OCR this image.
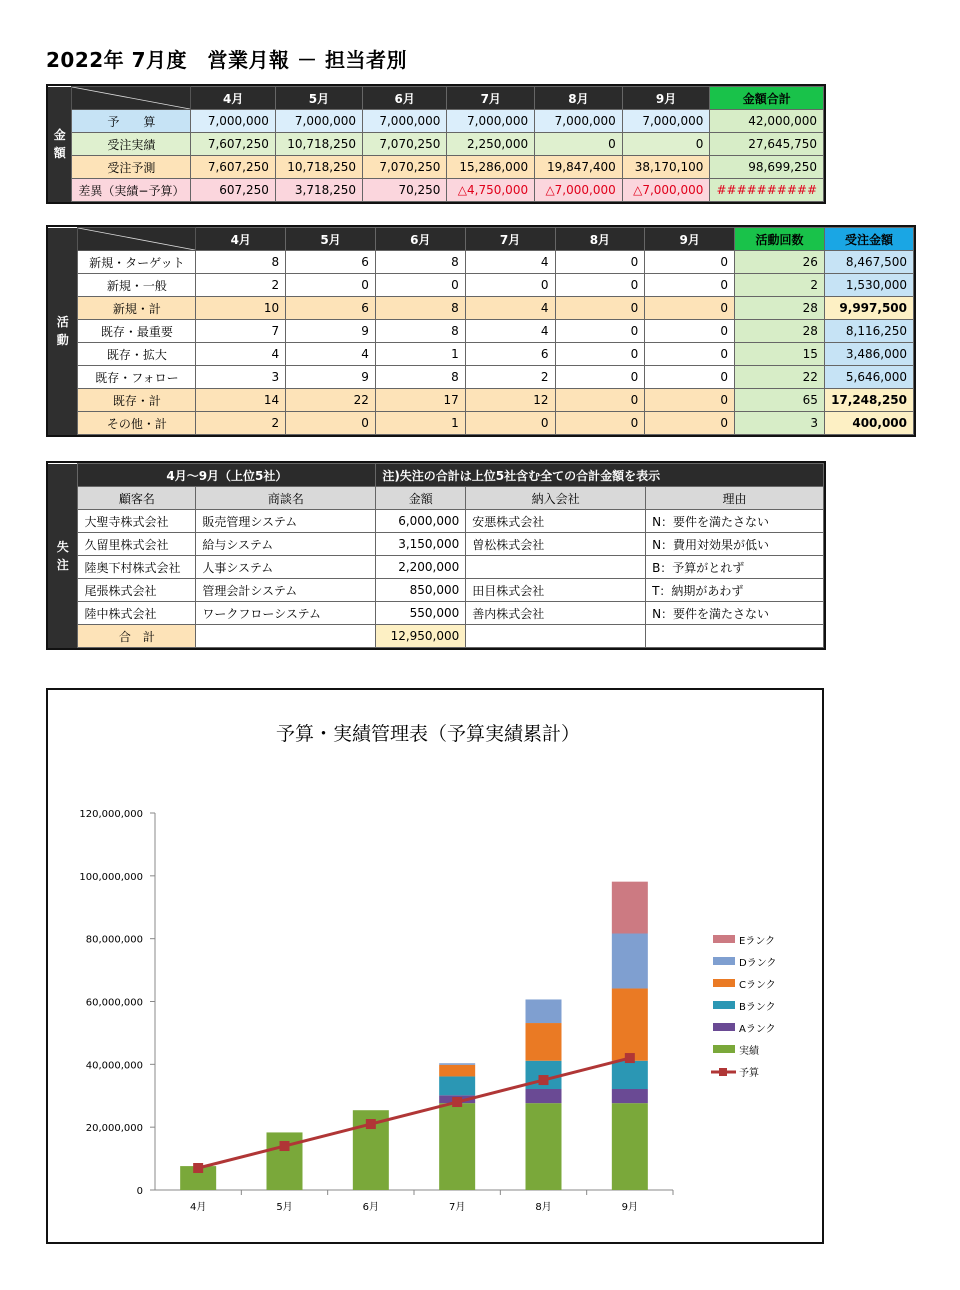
2022年 7月度　営業月報 － 担当者別
金
額		4月	5月	6月	7月	8月	9月	金額合計
	予　　算	7,000,000	7,000,000	7,000,000	7,000,000	7,000,000	7,000,000	42,000,000
	受注実績	7,607,250	10,718,250	7,070,250	2,250,000	0	0	27,645,750
	受注予測	7,607,250	10,718,250	7,070,250	15,286,000	19,847,400	38,170,100	98,699,250
	差異（実績−予算）	607,250	3,718,250	70,250	△4,750,000	△7,000,000	△7,000,000	##########
活
動		4月	5月	6月	7月	8月	9月	活動回数	受注金額
	新規・ターゲット	8	6	8	4	0	0	26	8,467,500
	新規・一般	2	0	0	0	0	0	2	1,530,000
	新規・計	10	6	8	4	0	0	28	9,997,500
	既存・最重要	7	9	8	4	0	0	28	8,116,250
	既存・拡大	4	4	1	6	0	0	15	3,486,000
	既存・フォロー	3	9	8	2	0	0	22	5,646,000
	既存・計	14	22	17	12	0	0	65	17,248,250
	その他・計	2	0	1	0	0	0	3	400,000
失
注	4月～9月（上位5社）		注)失注の合計は上位5社含む全ての合計金額を表示		
	顧客名	商談名	金額	納入会社	理由
	大聖寺株式会社	販売管理システム	6,000,000	安悪株式会社	N：要件を満たさない
	久留里株式会社	給与システム	3,150,000	曽松株式会社	N：費用対効果が低い
	陸奥下村株式会社	人事システム	2,200,000		B：予算がとれず
	尾張株式会社	管理会計システム	850,000	田目株式会社	T：納期があわず
	陸中株式会社	ワークフローシステム	550,000	善内株式会社	N：要件を満たさない
	合　計		12,950,000		
予算・実績管理表（予算実績累計）
0
20,000,000
40,000,000
60,000,000
80,000,000
100,000,000
120,000,000
4月	5月	6月	7月	8月	9月
Eランク
Dランク
Cランク
Bランク
Aランク
実績
予算
